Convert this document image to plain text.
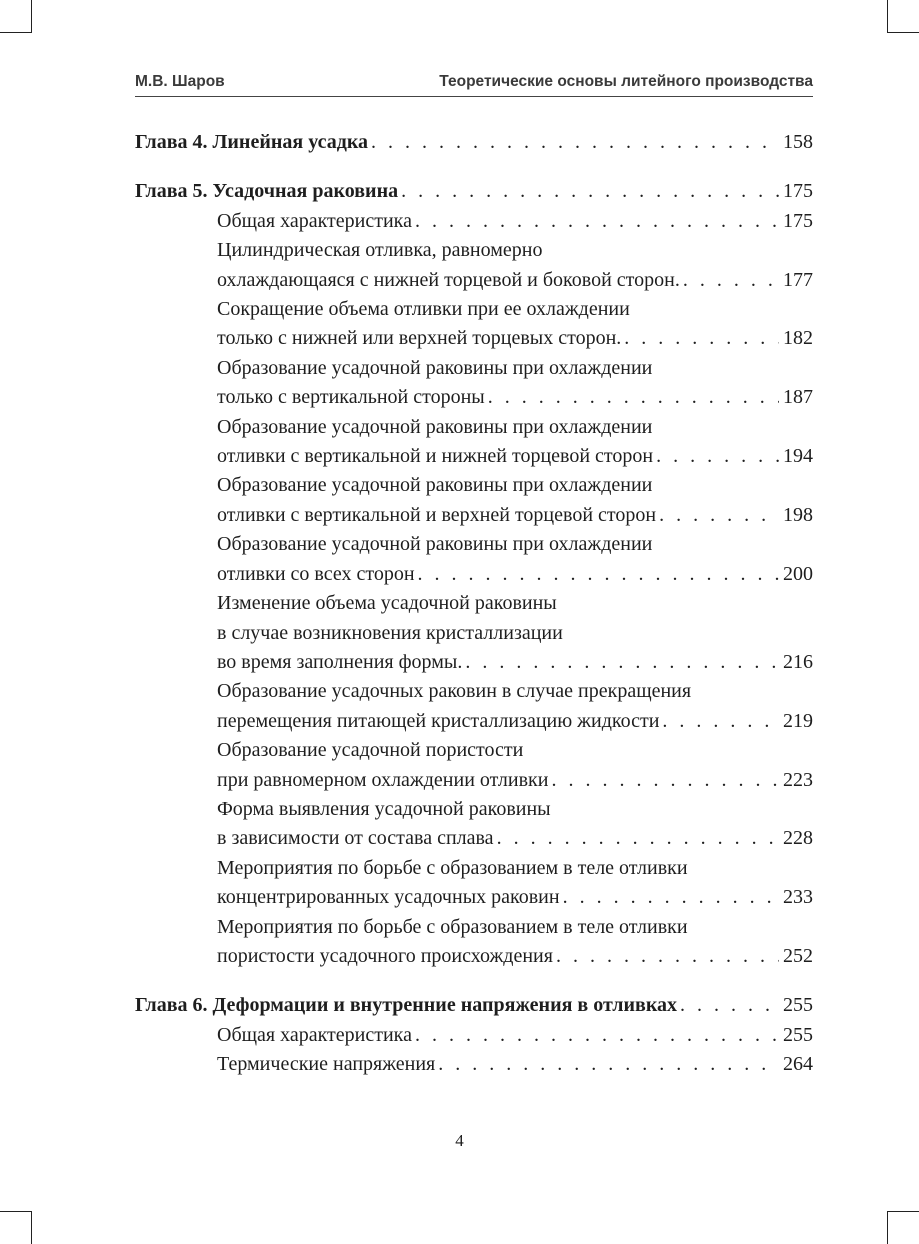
М.В. Шаров	Теоретические основы литейного производства
Глава 4. Линейная усадка . . .	158
Глава 5. Усадочная раковина . . .	175
Общая характеристика . . .	175
Цилиндрическая отливка, равномерно
охлаждающаяся с нижней торцевой и боковой сторон. . . .	177
Сокращение объема отливки при ее охлаждении
только с нижней или верхней торцевых сторон. . . .	182
Образование усадочной раковины при охлаждении
только с вертикальной стороны . . .	187
Образование усадочной раковины при охлаждении
отливки с вертикальной и нижней торцевой сторон . . .	194
Образование усадочной раковины при охлаждении
отливки с вертикальной и верхней торцевой сторон . . .	198
Образование усадочной раковины при охлаждении
отливки со всех сторон . . .	200
Изменение объема усадочной раковины
в случае возникновения кристаллизации
во время заполнения формы. . . .	216
Образование усадочных раковин в случае прекращения
перемещения питающей кристаллизацию жидкости . . .	219
Образование усадочной пористости
при равномерном охлаждении отливки . . .	223
Форма выявления усадочной раковины
в зависимости от состава сплава . . .	228
Мероприятия по борьбе с образованием в теле отливки
концентрированных усадочных раковин . . .	233
Мероприятия по борьбе с образованием в теле отливки
пористости усадочного происхождения . . .	252
Глава 6. Деформации и внутренние напряжения в отливках . . .	255
Общая характеристика . . .	255
Термические напряжения . . .	264
4
